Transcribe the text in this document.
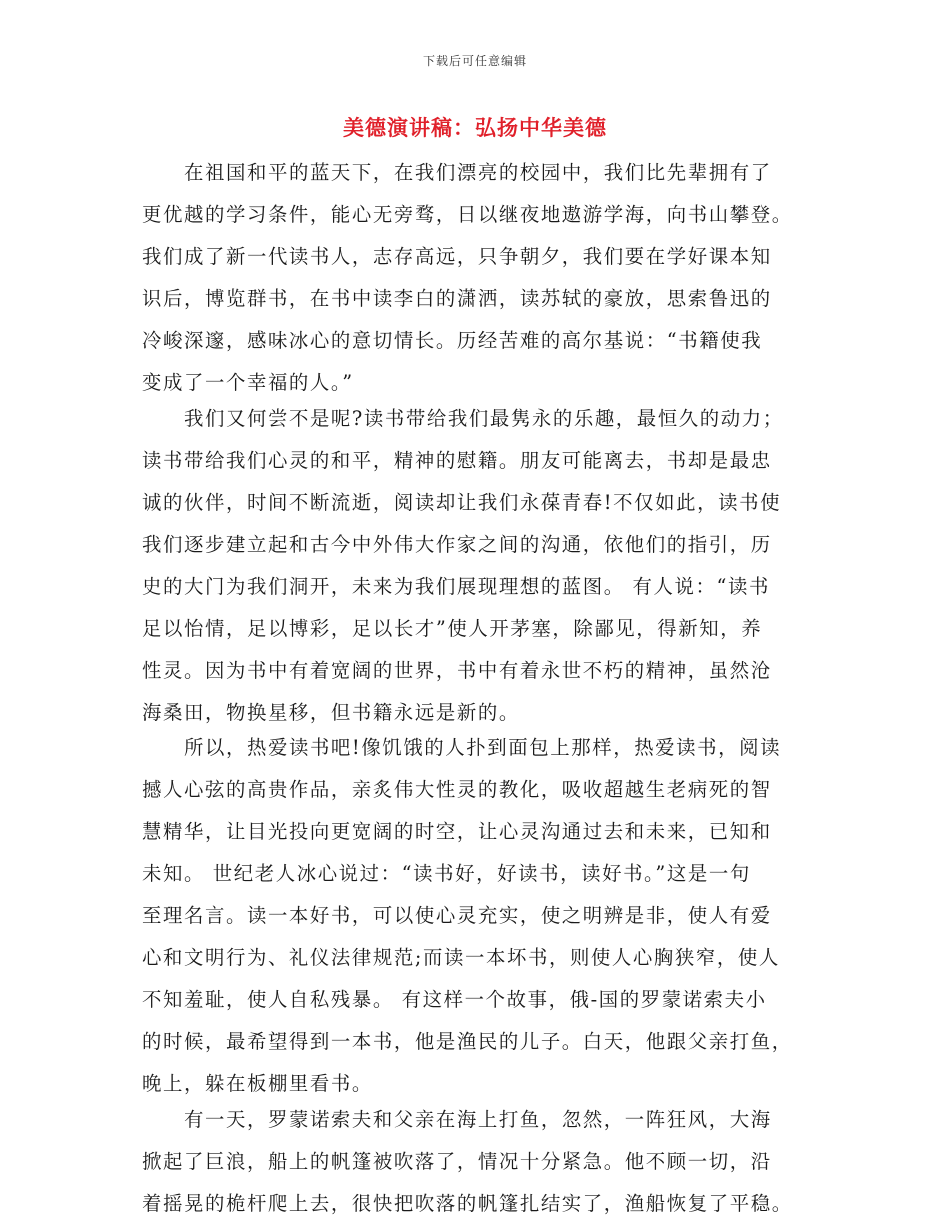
下载后可任意编辑
美德演讲稿：弘扬中华美德

在祖国和平的蓝天下，在我们漂亮的校园中，我们比先辈拥有了
更优越的学习条件，能心无旁骛，日以继夜地遨游学海，向书山攀登。
我们成了新一代读书人，志存高远，只争朝夕，我们要在学好课本知
识后，博览群书，在书中读李白的潇洒，读苏轼的豪放，思索鲁迅的
冷峻深邃，感味冰心的意切情长。历经苦难的高尔基说：“书籍使我
变成了一个幸福的人。”

我们又何尝不是呢?读书带给我们最隽永的乐趣，最恒久的动力；
读书带给我们心灵的和平，精神的慰籍。朋友可能离去，书却是最忠
诚的伙伴，时间不断流逝，阅读却让我们永葆青春!不仅如此，读书使
我们逐步建立起和古今中外伟大作家之间的沟通，依他们的指引，历
史的大门为我们洞开，未来为我们展现理想的蓝图。 有人说：“读书
足以怡情，足以博彩，足以长才”使人开茅塞，除鄙见，得新知，养
性灵。因为书中有着宽阔的世界，书中有着永世不朽的精神，虽然沧
海桑田，物换星移，但书籍永远是新的。

所以，热爱读书吧!像饥饿的人扑到面包上那样，热爱读书，阅读
撼人心弦的高贵作品，亲炙伟大性灵的教化，吸收超越生老病死的智
慧精华，让目光投向更宽阔的时空，让心灵沟通过去和未来，已知和
未知。 世纪老人冰心说过：“读书好，好读书，读好书。”这是一句
至理名言。读一本好书，可以使心灵充实，使之明辨是非，使人有爱
心和文明行为、礼仪法律规范;而读一本坏书，则使人心胸狭窄，使人
不知羞耻，使人自私残暴。 有这样一个故事，俄-国的罗蒙诺索夫小
的时候，最希望得到一本书，他是渔民的儿子。白天，他跟父亲打鱼，
晚上，躲在板棚里看书。

有一天，罗蒙诺索夫和父亲在海上打鱼，忽然，一阵狂风，大海
掀起了巨浪，船上的帆篷被吹落了，情况十分紧急。他不顾一切，沿
着摇晃的桅杆爬上去，很快把吹落的帆篷扎结实了，渔船恢复了平稳。
